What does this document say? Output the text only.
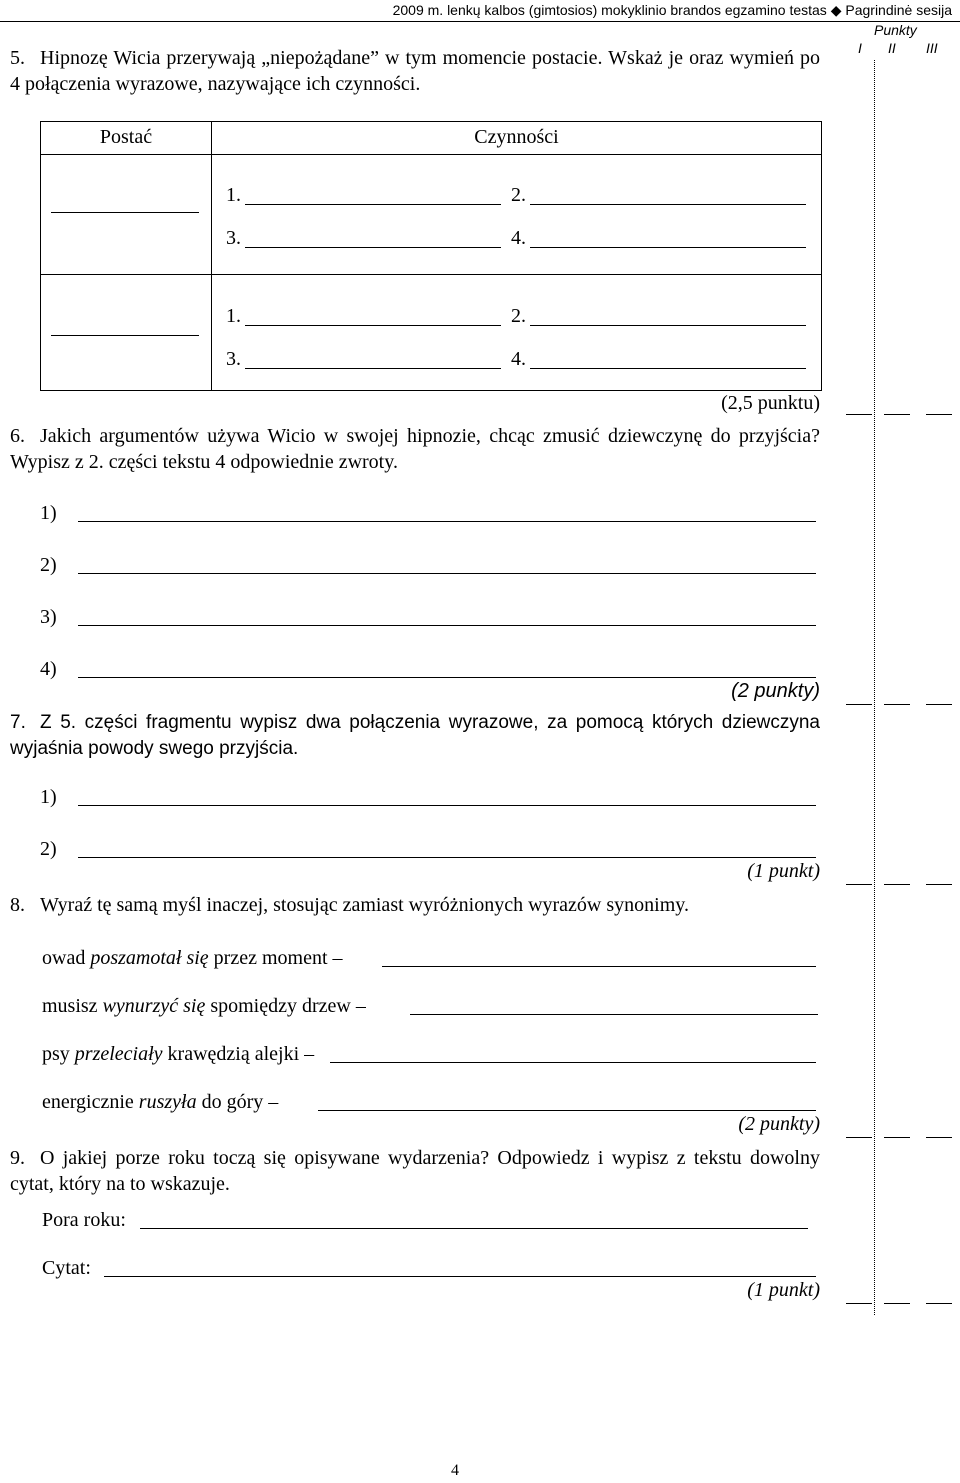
2009 m. lenkų kalbos (gimtosios) mokyklinio brandos egzamino testas ◆ Pagrindinė sesija
Punkty
I II III
5. Hipnozę Wicia przerywają „niepożądane” w tym momencie postacie. Wskaż je oraz wymień po 4 połączenia wyrazowe, nazywające ich czynności.
Postać	Czynności
1.	2.
3.	4.
1.	2.
3.	4.
(2,5 punktu)
6. Jakich argumentów używa Wicio w swojej hipnozie, chcąc zmusić dziewczynę do przyjścia? Wypisz z 2. części tekstu 4 odpowiednie zwroty.
1)
2)
3)
4)
(2 punkty)
7. Z 5. części fragmentu wypisz dwa połączenia wyrazowe, za pomocą których dziewczyna wyjaśnia powody swego przyjścia.
1)
2)
(1 punkt)
8. Wyraź tę samą myśl inaczej, stosując zamiast wyróżnionych wyrazów synonimy.
owad poszamotał się przez moment –
musisz wynurzyć się spomiędzy drzew –
psy przeleciały krawędzią alejki –
energicznie ruszyła do góry –
(2 punkty)
9. O jakiej porze roku toczą się opisywane wydarzenia? Odpowiedz i wypisz z tekstu dowolny cytat, który na to wskazuje.
Pora roku:
Cytat:
(1 punkt)
4
